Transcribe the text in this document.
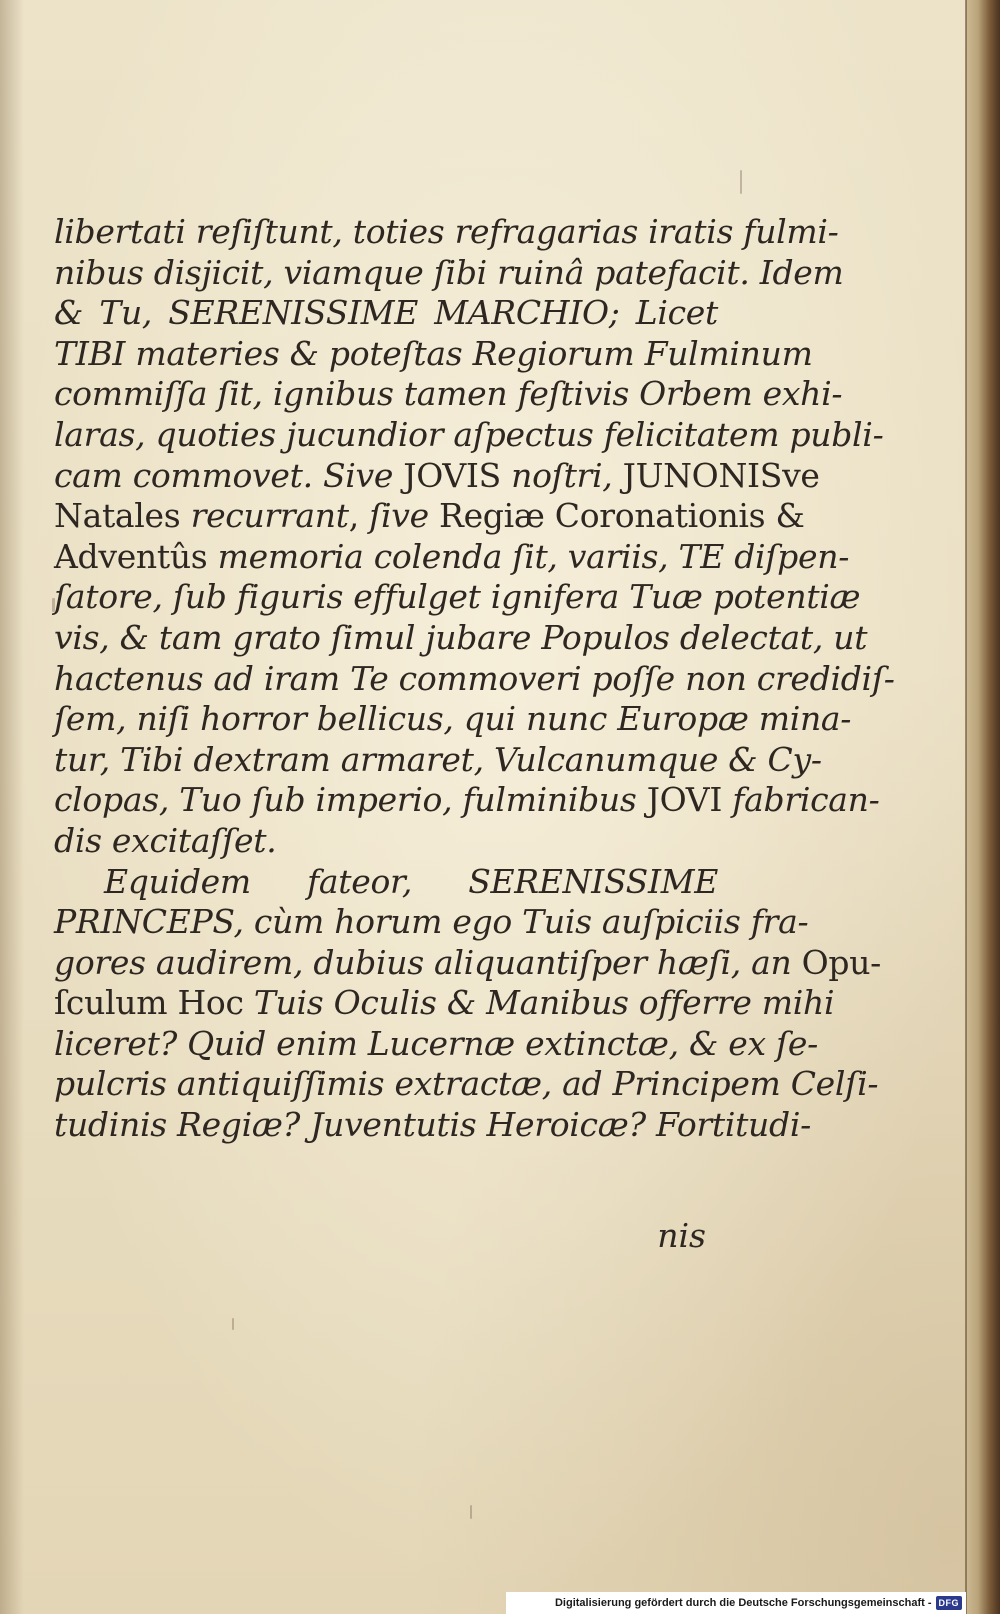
libertati reſiſtunt, toties refragarias iratis fulmi-
nibus disjicit, viamque ſibi ruinâ patefacit. Idem
& Tu, SERENISSIME MARCHIO; Licet
TIBI materies & poteſtas Regiorum Fulminum
commiſſa ſit, ignibus tamen feſtivis Orbem exhi-
laras, quoties jucundior aſpectus felicitatem publi-
cam commovet. Sive JOVIS noſtri, JUNONISve
Natales recurrant, ſive Regiæ Coronationis &
Adventûs memoria colenda ſit, variis, TE diſpen-
ſatore, ſub figuris effulget ignifera Tuæ potentiæ
vis, & tam grato ſimul jubare Populos delectat, ut
hactenus ad iram Te commoveri poſſe non credidiſ-
ſem, niſi horror bellicus, qui nunc Europæ mina-
tur, Tibi dextram armaret, Vulcanumque & Cy-
clopas, Tuo ſub imperio, fulminibus JOVI fabrican-
dis excitaſſet.
Equidem fateor, SERENISSIME
PRINCEPS, cùm horum ego Tuis auſpiciis fra-
gores audirem, dubius aliquantiſper hæſi, an Opu-
ſculum Hoc Tuis Oculis & Manibus offerre mihi
liceret? Quid enim Lucernæ extinctæ, & ex ſe-
pulcris antiquiſſimis extractæ, ad Principem Celſi-
tudinis Regiæ? Juventutis Heroicæ? Fortitudi-
nis
Digitalisierung gefördert durch die Deutsche Forschungsgemeinschaft - DFG
